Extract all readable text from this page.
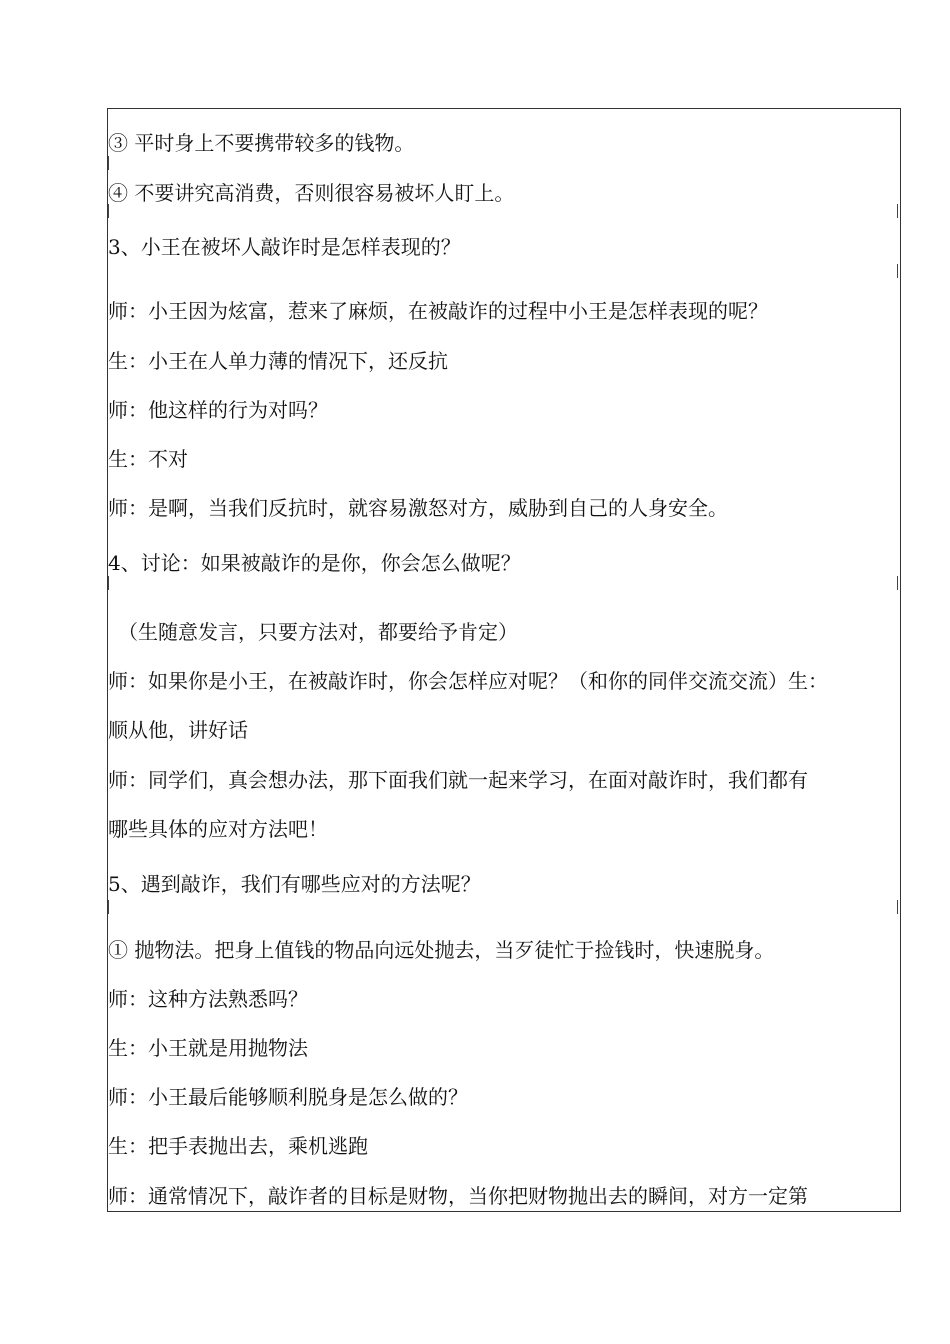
③ 平时身上不要携带较多的钱物。
④ 不要讲究高消费，否则很容易被坏人盯上。
3、小王在被坏人敲诈时是怎样表现的？
师：小王因为炫富，惹来了麻烦，在被敲诈的过程中小王是怎样表现的呢？
生：小王在人单力薄的情况下，还反抗
师：他这样的行为对吗？
生：不对
师：是啊，当我们反抗时，就容易激怒对方，威胁到自己的人身安全。
4、讨论：如果被敲诈的是你，你会怎么做呢？
（生随意发言，只要方法对，都要给予肯定）
师：如果你是小王，在被敲诈时，你会怎样应对呢？（和你的同伴交流交流）生：
顺从他，讲好话
师：同学们，真会想办法，那下面我们就一起来学习，在面对敲诈时，我们都有
哪些具体的应对方法吧！
5、遇到敲诈，我们有哪些应对的方法呢？
① 抛物法。把身上值钱的物品向远处抛去，当歹徒忙于捡钱时，快速脱身。
师：这种方法熟悉吗？
生：小王就是用抛物法
师：小王最后能够顺利脱身是怎么做的？
生：把手表抛出去，乘机逃跑
师：通常情况下，敲诈者的目标是财物，当你把财物抛出去的瞬间，对方一定第
